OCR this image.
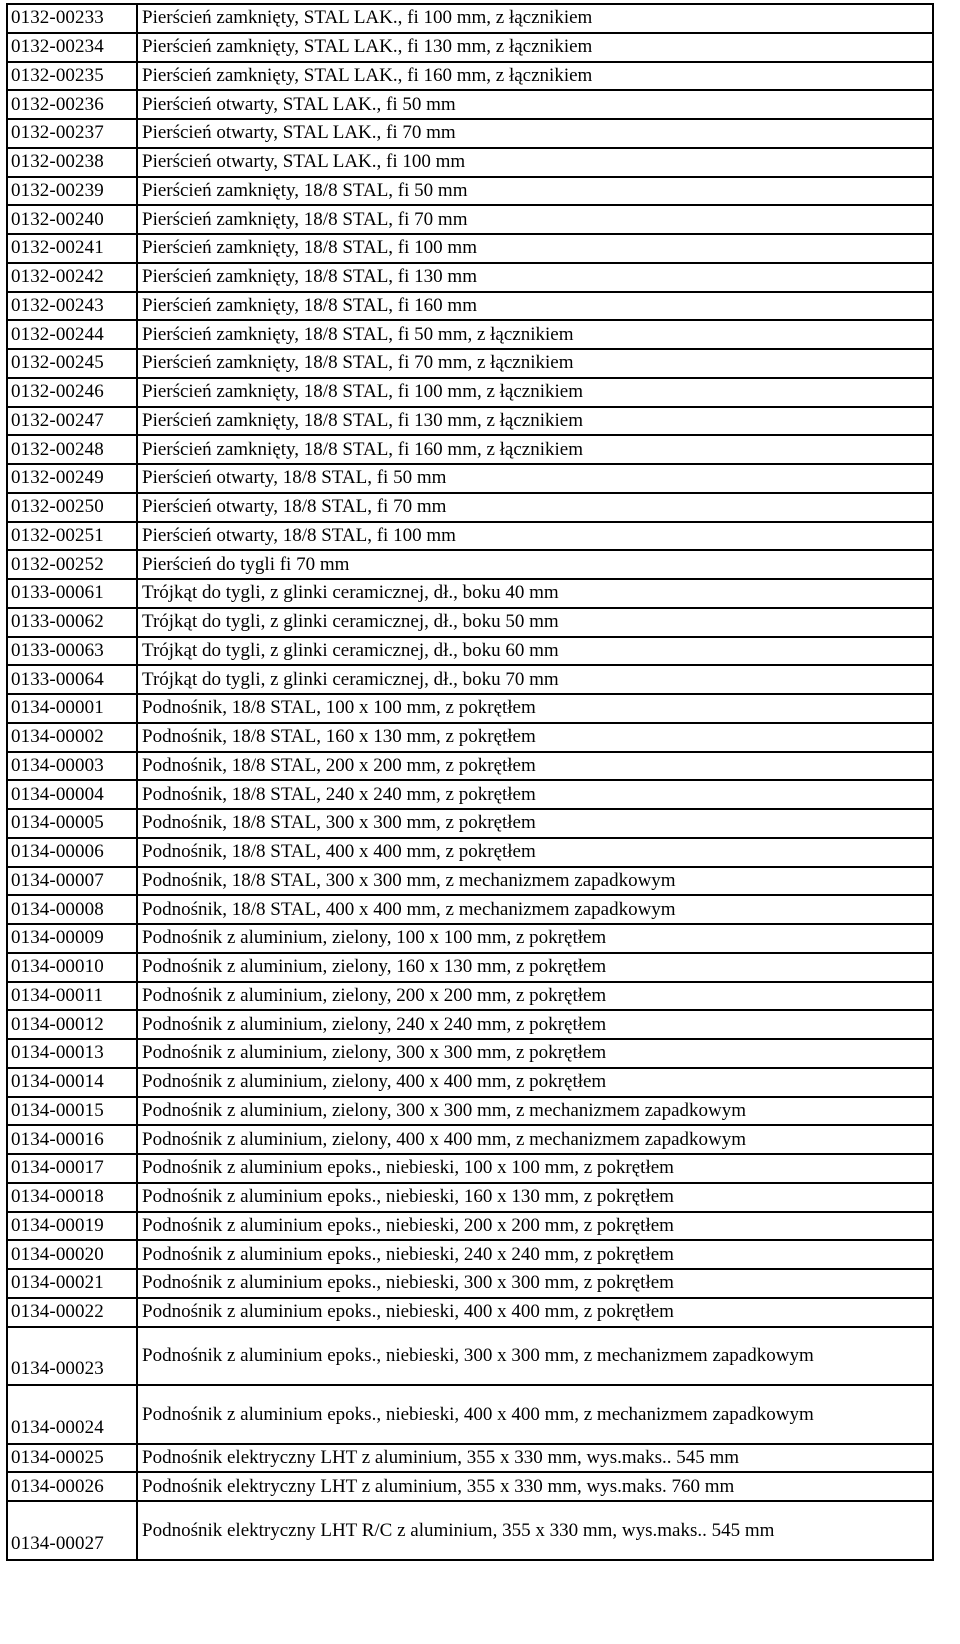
0132-00233	Pierścień zamknięty, STAL LAK., fi 100 mm, z łącznikiem
0132-00234	Pierścień zamknięty, STAL LAK., fi 130 mm, z łącznikiem
0132-00235	Pierścień zamknięty, STAL LAK., fi 160 mm, z łącznikiem
0132-00236	Pierścień otwarty, STAL LAK., fi 50 mm
0132-00237	Pierścień otwarty, STAL LAK., fi 70 mm
0132-00238	Pierścień otwarty, STAL LAK., fi 100 mm
0132-00239	Pierścień zamknięty, 18/8 STAL, fi 50 mm
0132-00240	Pierścień zamknięty, 18/8 STAL, fi 70 mm
0132-00241	Pierścień zamknięty, 18/8 STAL, fi 100 mm
0132-00242	Pierścień zamknięty, 18/8 STAL, fi 130 mm
0132-00243	Pierścień zamknięty, 18/8 STAL, fi 160 mm
0132-00244	Pierścień zamknięty, 18/8 STAL, fi 50 mm, z łącznikiem
0132-00245	Pierścień zamknięty, 18/8 STAL, fi 70 mm, z łącznikiem
0132-00246	Pierścień zamknięty, 18/8 STAL, fi 100 mm, z łącznikiem
0132-00247	Pierścień zamknięty, 18/8 STAL, fi 130 mm, z łącznikiem
0132-00248	Pierścień zamknięty, 18/8 STAL, fi 160 mm, z łącznikiem
0132-00249	Pierścień otwarty, 18/8 STAL, fi 50 mm
0132-00250	Pierścień otwarty, 18/8 STAL, fi 70 mm
0132-00251	Pierścień otwarty, 18/8 STAL, fi 100 mm
0132-00252	Pierścień do tygli fi 70 mm
0133-00061	Trójkąt do tygli, z glinki ceramicznej, dł., boku 40 mm
0133-00062	Trójkąt do tygli, z glinki ceramicznej, dł., boku 50 mm
0133-00063	Trójkąt do tygli, z glinki ceramicznej, dł., boku 60 mm
0133-00064	Trójkąt do tygli, z glinki ceramicznej, dł., boku 70 mm
0134-00001	Podnośnik, 18/8 STAL, 100 x 100 mm, z pokrętłem
0134-00002	Podnośnik, 18/8 STAL, 160 x 130 mm, z pokrętłem
0134-00003	Podnośnik, 18/8 STAL, 200 x 200 mm, z pokrętłem
0134-00004	Podnośnik, 18/8 STAL, 240 x 240 mm, z pokrętłem
0134-00005	Podnośnik, 18/8 STAL, 300 x 300 mm, z pokrętłem
0134-00006	Podnośnik, 18/8 STAL, 400 x 400 mm, z pokrętłem
0134-00007	Podnośnik, 18/8 STAL, 300 x 300 mm, z mechanizmem zapadkowym
0134-00008	Podnośnik, 18/8 STAL, 400 x 400 mm, z mechanizmem zapadkowym
0134-00009	Podnośnik z aluminium, zielony, 100 x 100 mm, z pokrętłem
0134-00010	Podnośnik z aluminium, zielony, 160 x 130 mm, z pokrętłem
0134-00011	Podnośnik z aluminium, zielony, 200 x 200 mm, z pokrętłem
0134-00012	Podnośnik z aluminium, zielony, 240 x 240 mm, z pokrętłem
0134-00013	Podnośnik z aluminium, zielony, 300 x 300 mm, z pokrętłem
0134-00014	Podnośnik z aluminium, zielony, 400 x 400 mm, z pokrętłem
0134-00015	Podnośnik z aluminium, zielony, 300 x 300 mm, z mechanizmem zapadkowym
0134-00016	Podnośnik z aluminium, zielony, 400 x 400 mm, z mechanizmem zapadkowym
0134-00017	Podnośnik z aluminium epoks., niebieski, 100 x 100 mm, z pokrętłem
0134-00018	Podnośnik z aluminium epoks., niebieski, 160 x 130 mm, z pokrętłem
0134-00019	Podnośnik z aluminium epoks., niebieski, 200 x 200 mm, z pokrętłem
0134-00020	Podnośnik z aluminium epoks., niebieski, 240 x 240 mm, z pokrętłem
0134-00021	Podnośnik z aluminium epoks., niebieski, 300 x 300 mm, z pokrętłem
0134-00022	Podnośnik z aluminium epoks., niebieski, 400 x 400 mm, z pokrętłem
0134-00023	Podnośnik z aluminium epoks., niebieski, 300 x 300 mm, z mechanizmem zapadkowym
0134-00024	Podnośnik z aluminium epoks., niebieski, 400 x 400 mm, z mechanizmem zapadkowym
0134-00025	Podnośnik elektryczny LHT z aluminium, 355 x 330 mm, wys.maks.. 545 mm
0134-00026	Podnośnik elektryczny LHT z aluminium, 355 x 330 mm, wys.maks. 760 mm
0134-00027	Podnośnik elektryczny LHT R/C z aluminium, 355 x 330 mm, wys.maks.. 545 mm
